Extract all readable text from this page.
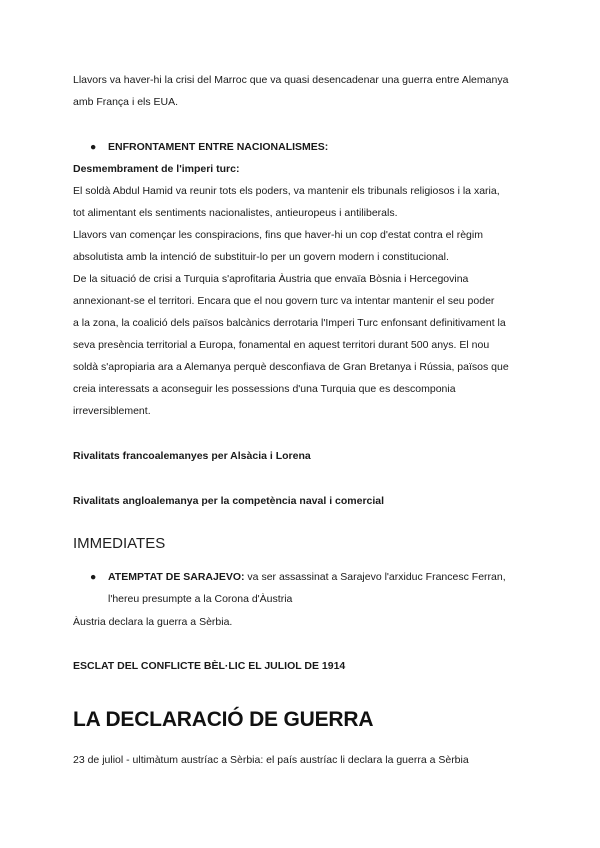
Llavors va haver-hi la crisi del Marroc que va quasi desencadenar una guerra entre Alemanya

amb França i els EUA.

●	ENFRONTAMENT ENTRE NACIONALISMES:

Desmembrament de l'imperi turc:

El soldà Abdul Hamid va reunir tots els poders, va mantenir els tribunals religiosos i la xaria,

tot alimentant els sentiments nacionalistes, antieuropeus i antiliberals.

Llavors van començar les conspiracions, fins que haver-hi un cop d'estat contra el règim

absolutista amb la intenció de substituir-lo per un govern modern i constitucional.

De la situació de crisi a Turquia s'aprofitaria Àustria que envaïa Bòsnia i Hercegovina

annexionant-se el territori. Encara que el nou govern turc va intentar mantenir el seu poder

a la zona, la coalició dels països balcànics derrotaria l'Imperi Turc enfonsant definitivament la

seva presència territorial a Europa, fonamental en aquest territori durant 500 anys. El nou

soldà s'apropiaria ara a Alemanya perquè desconfiava de Gran Bretanya i Rússia, països que

creia interessats a aconseguir les possessions d'una Turquia que es descomponia

irreversiblement.

Rivalitats francoalemanyes per Alsàcia i Lorena

Rivalitats angloalemanya per la competència naval i comercial

IMMEDIATES
●	ATEMPTAT DE SARAJEVO: va ser assassinat a Sarajevo l'arxiduc Francesc Ferran,
l'hereu presumpte a la Corona d'Àustria

Àustria declara la guerra a Sèrbia.

ESCLAT DEL CONFLICTE BÈL·LIC EL JULIOL DE 1914

LA DECLARACIÓ DE GUERRA

23 de juliol - ultimàtum austríac a Sèrbia: el país austríac li declara la guerra a Sèrbia
